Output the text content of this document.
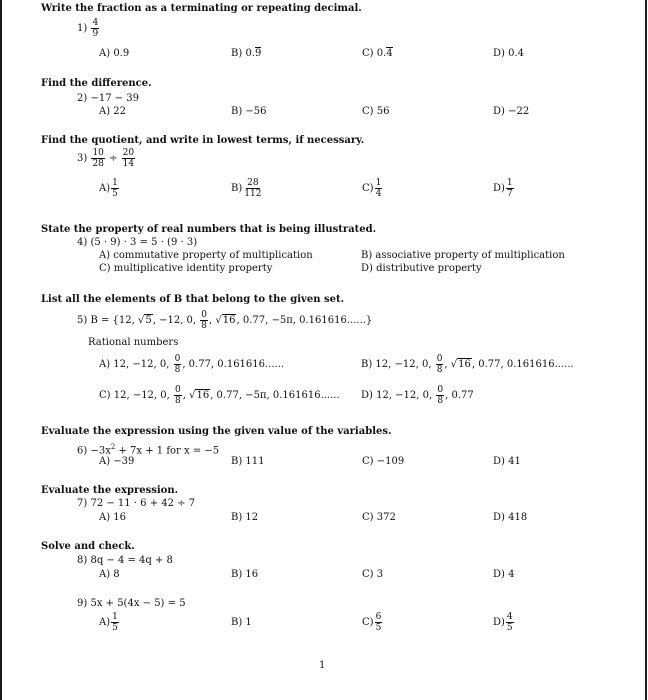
Write the fraction as a terminating or repeating decimal.
$1) \frac{4}{9}$
A) 0.9	B) 0.9	C) 0.4	D) 0.4
Find the difference.
2) −17 − 39
A) 22	B) −56	C) 56	D) −22
Find the quotient, and write in lowest terms, if necessary.
$3) \frac{10}{28} \div \frac{20}{14}$
$A) \frac{1}{5}$	$B) \frac{28}{112}$	$C) \frac{1}{4}$	$D) \frac{1}{7}$
State the property of real numbers that is being illustrated.
4) (5 · 9) · 3 = 5 · (9 · 3)
A) commutative property of multiplication	B) associative property of multiplication
C) multiplicative identity property	D) distributive property
List all the elements of B that belong to the given set.
5) B = {12, √5, −12, 0, $\frac{0}{8}$ , √16, 0.77, −5π, 0.161616......}
Rational numbers
A) 12, −12, 0, $\frac{0}{8}$ , 0.77, 0.161616......	B) 12, −12, 0, $\frac{0}{8}$ , √16, 0.77, 0.161616......
C) 12, −12, 0, $\frac{0}{8}$ , √16, 0.77, −5π, 0.161616...... D) 12, −12, 0, $\frac{0}{8}$ , 0.77
Evaluate the expression using the given value of the variables.
$6) -3x^2 + 7x + 1$ for x = −5
A) −39	B) 111	C) −109	D) 41
Evaluate the expression.
7) 72 − 11 · 6 + 42 ÷ 7
A) 16	B) 12	C) 372	D) 418
Solve and check.
8) 8q − 4 = 4q + 8
A) 8	B) 16	C) 3	D) 4
9) 5x + 5(4x − 5) = 5
$A) \frac{1}{5}$	B) 1	$C) \frac{6}{5}$	$D) \frac{4}{5}$
1
